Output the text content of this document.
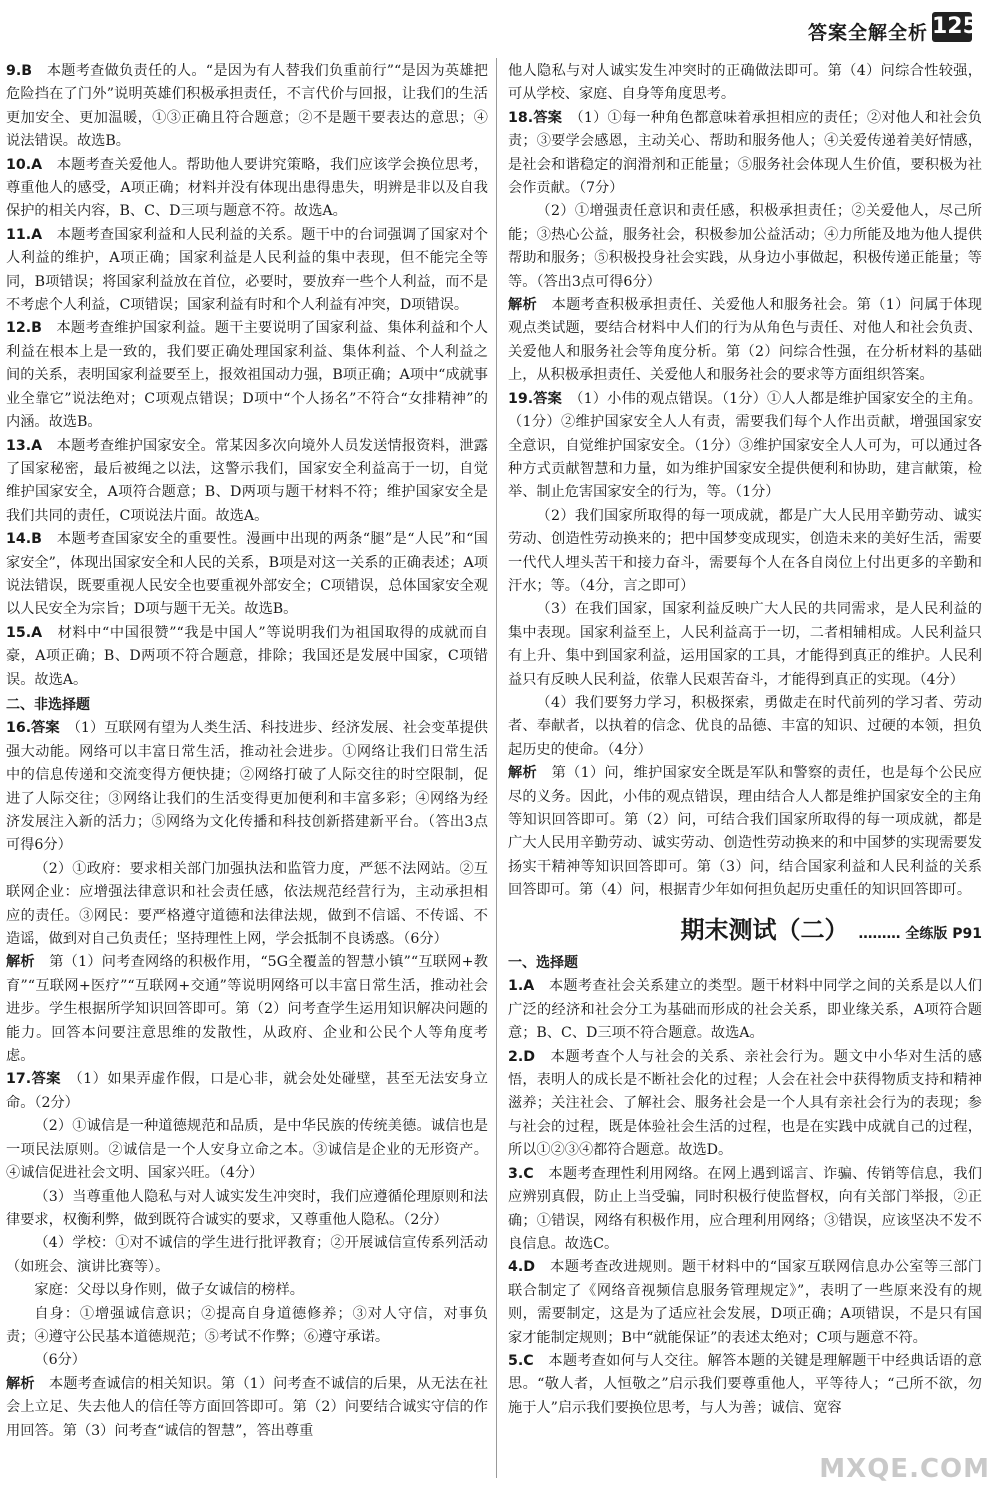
答案全解全析 125

9.B　 本题考查做负责任的人。“是因为有人替我们负重前行”“是因为英雄把危险挡在了门外”说明英雄们积极承担责任，不言代价与回报，让我们的生活更加安全、更加温暖，①③正确且符合题意；②不是题干要表达的意思；④说法错误。故选B。

10.A　 本题考查关爱他人。帮助他人要讲究策略，我们应该学会换位思考，尊重他人的感受，A项正确；材料并没有体现出患得患失，明辨是非以及自我保护的相关内容，B、C、D三项与题意不符。故选A。

11.A　 本题考查国家利益和人民利益的关系。题干中的台词强调了国家对个人利益的维护，A项正确；国家利益是人民利益的集中表现，但不能完全等同，B项错误；将国家利益放在首位，必要时，要放弃一些个人利益，而不是不考虑个人利益，C项错误；国家利益有时和个人利益有冲突，D项错误。

12.B　 本题考查维护国家利益。题干主要说明了国家利益、集体利益和个人利益在根本上是一致的，我们要正确处理国家利益、集体利益、个人利益之间的关系，表明国家利益要至上，报效祖国动力强，B项正确；A项中“成就事业全靠它”说法绝对；C项观点错误；D项中“个人扬名”不符合“女排精神”的内涵。故选B。

13.A　 本题考查维护国家安全。常某因多次向境外人员发送情报资料，泄露了国家秘密，最后被绳之以法，这警示我们，国家安全利益高于一切，自觉维护国家安全，A项符合题意；B、D两项与题干材料不符；维护国家安全是我们共同的责任，C项说法片面。故选A。

14.B　 本题考查国家安全的重要性。漫画中出现的两条“腿”是“人民”和“国家安全”，体现出国家安全和人民的关系，B项是对这一关系的正确表述；A项说法错误，既要重视人民安全也要重视外部安全；C项错误，总体国家安全观以人民安全为宗旨；D项与题干无关。故选B。

15.A　 材料中“中国很赞”“我是中国人”等说明我们为祖国取得的成就而自豪，A项正确；B、D两项不符合题意，排除；我国还是发展中国家，C项错误。故选A。

二、非选择题

16.答案　 （1）互联网有望为人类生活、科技进步、经济发展、社会变革提供强大动能。网络可以丰富日常生活，推动社会进步。①网络让我们日常生活中的信息传递和交流变得方便快捷；②网络打破了人际交往的时空限制，促进了人际交往；③网络让我们的生活变得更加便利和丰富多彩；④网络为经济发展注入新的活力；⑤网络为文化传播和科技创新搭建新平台。（答出3点可得6分）

（2）①政府：要求相关部门加强执法和监管力度，严惩不法网站。②互联网企业：应增强法律意识和社会责任感，依法规范经营行为，主动承担相应的责任。③网民：要严格遵守道德和法律法规，做到不信谣、不传谣、不造谣，做到对自己负责任；坚持理性上网，学会抵制不良诱惑。（6分）

解析　 第（1）问考查网络的积极作用，“5G全覆盖的智慧小镇”“互联网+教育”“互联网+医疗”“互联网+交通”等说明网络可以丰富日常生活，推动社会进步。学生根据所学知识回答即可。第（2）问考查学生运用知识解决问题的能力。回答本问要注意思维的发散性，从政府、企业和公民个人等角度考虑。

17.答案　 （1）如果弄虚作假，口是心非，就会处处碰壁，甚至无法安身立命。（2分）

（2）①诚信是一种道德规范和品质，是中华民族的传统美德。诚信也是一项民法原则。②诚信是一个人安身立命之本。③诚信是企业的无形资产。④诚信促进社会文明、国家兴旺。（4分）

（3）当尊重他人隐私与对人诚实发生冲突时，我们应遵循伦理原则和法律要求，权衡利弊，做到既符合诚实的要求，又尊重他人隐私。（2分）

（4）学校：①对不诚信的学生进行批评教育；②开展诚信宣传系列活动（如班会、演讲比赛等）。

家庭：父母以身作则，做子女诚信的榜样。

自身：①增强诚信意识；②提高自身道德修养；③对人守信，对事负责；④遵守公民基本道德规范；⑤考试不作弊；⑥遵守承诺。

（6分）

解析　 本题考查诚信的相关知识。第（1）问考查不诚信的后果，从无法在社会上立足、失去他人的信任等方面回答即可。第（2）问要结合诚实守信的作用回答。第（3）问考查“诚信的智慧”，答出尊重

他人隐私与对人诚实发生冲突时的正确做法即可。第（4）问综合性较强，可从学校、家庭、自身等角度思考。

18.答案　 （1）①每一种角色都意味着承担相应的责任；②对他人和社会负责；③要学会感恩，主动关心、帮助和服务他人；④关爱传递着美好情感，是社会和谐稳定的润滑剂和正能量；⑤服务社会体现人生价值，要积极为社会作贡献。（7分）

（2）①增强责任意识和责任感，积极承担责任；②关爱他人，尽己所能；③热心公益，服务社会，积极参加公益活动；④力所能及地为他人提供帮助和服务；⑤积极投身社会实践，从身边小事做起，积极传递正能量；等等。（答出3点可得6分）

解析　 本题考查积极承担责任、关爱他人和服务社会。第（1）问属于体现观点类试题，要结合材料中人们的行为从角色与责任、对他人和社会负责、关爱他人和服务社会等角度分析。第（2）问综合性强，在分析材料的基础上，从积极承担责任、关爱他人和服务社会的要求等方面组织答案。

19.答案　 （1）小伟的观点错误。（1分）①人人都是维护国家安全的主角。（1分）②维护国家安全人人有责，需要我们每个人作出贡献，增强国家安全意识，自觉维护国家安全。（1分）③维护国家安全人人可为，可以通过各种方式贡献智慧和力量，如为维护国家安全提供便利和协助，建言献策，检举、制止危害国家安全的行为，等。（1分）

（2）我们国家所取得的每一项成就，都是广大人民用辛勤劳动、诚实劳动、创造性劳动换来的；把中国梦变成现实，创造未来的美好生活，需要一代代人埋头苦干和接力奋斗，需要每个人在各自岗位上付出更多的辛勤和汗水；等。（4分，言之即可）

（3）在我们国家，国家利益反映广大人民的共同需求，是人民利益的集中表现。国家利益至上，人民利益高于一切，二者相辅相成。人民利益只有上升、集中到国家利益，运用国家的工具，才能得到真正的维护。人民利益只有反映人民利益，依靠人民艰苦奋斗，才能得到真正的实现。（4分）

（4）我们要努力学习，积极探索，勇做走在时代前列的学习者、劳动者、奉献者，以执着的信念、优良的品德、丰富的知识、过硬的本领，担负起历史的使命。（4分）

解析　 第（1）问，维护国家安全既是军队和警察的责任，也是每个公民应尽的义务。因此，小伟的观点错误，理由结合人人都是维护国家安全的主角等知识回答即可。第（2）问，可结合我们国家所取得的每一项成就，都是广大人民用辛勤劳动、诚实劳动、创造性劳动换来的和中国梦的实现需要发扬实干精神等知识回答即可。第（3）问，结合国家利益和人民利益的关系回答即可。第（4）问，根据青少年如何担负起历史重任的知识回答即可。

期末测试（二） ……… 全练版 P91

一、选择题

1.A　 本题考查社会关系建立的类型。题干材料中同学之间的关系是以人们广泛的经济和社会分工为基础而形成的社会关系，即业缘关系，A项符合题意；B、C、D三项不符合题意。故选A。

2.D　 本题考查个人与社会的关系、亲社会行为。题文中小华对生活的感悟，表明人的成长是不断社会化的过程；人会在社会中获得物质支持和精神滋养；关注社会、了解社会、服务社会是一个人具有亲社会行为的表现；参与社会的过程，既是体验社会生活的过程，也是在实践中成就自己的过程，所以①②③④都符合题意。故选D。

3.C　 本题考查理性利用网络。在网上遇到谣言、诈骗、传销等信息，我们应辨别真假，防止上当受骗，同时积极行使监督权，向有关部门举报，②正确；①错误，网络有积极作用，应合理利用网络；③错误，应该坚决不发不良信息。故选C。

4.D　 本题考查改进规则。题干材料中的“国家互联网信息办公室等三部门联合制定了《网络音视频信息服务管理规定》”，表明了一些原来没有的规则，需要制定，这是为了适应社会发展，D项正确；A项错误，不是只有国家才能制定规则；B中“就能保证”的表述太绝对；C项与题意不符。

5.C　 本题考查如何与人交往。解答本题的关键是理解题干中经典话语的意思。“敬人者，人恒敬之”启示我们要尊重他人，平等待人；“己所不欲，勿施于人”启示我们要换位思考，与人为善；诚信、宽容

MXQE.COM
